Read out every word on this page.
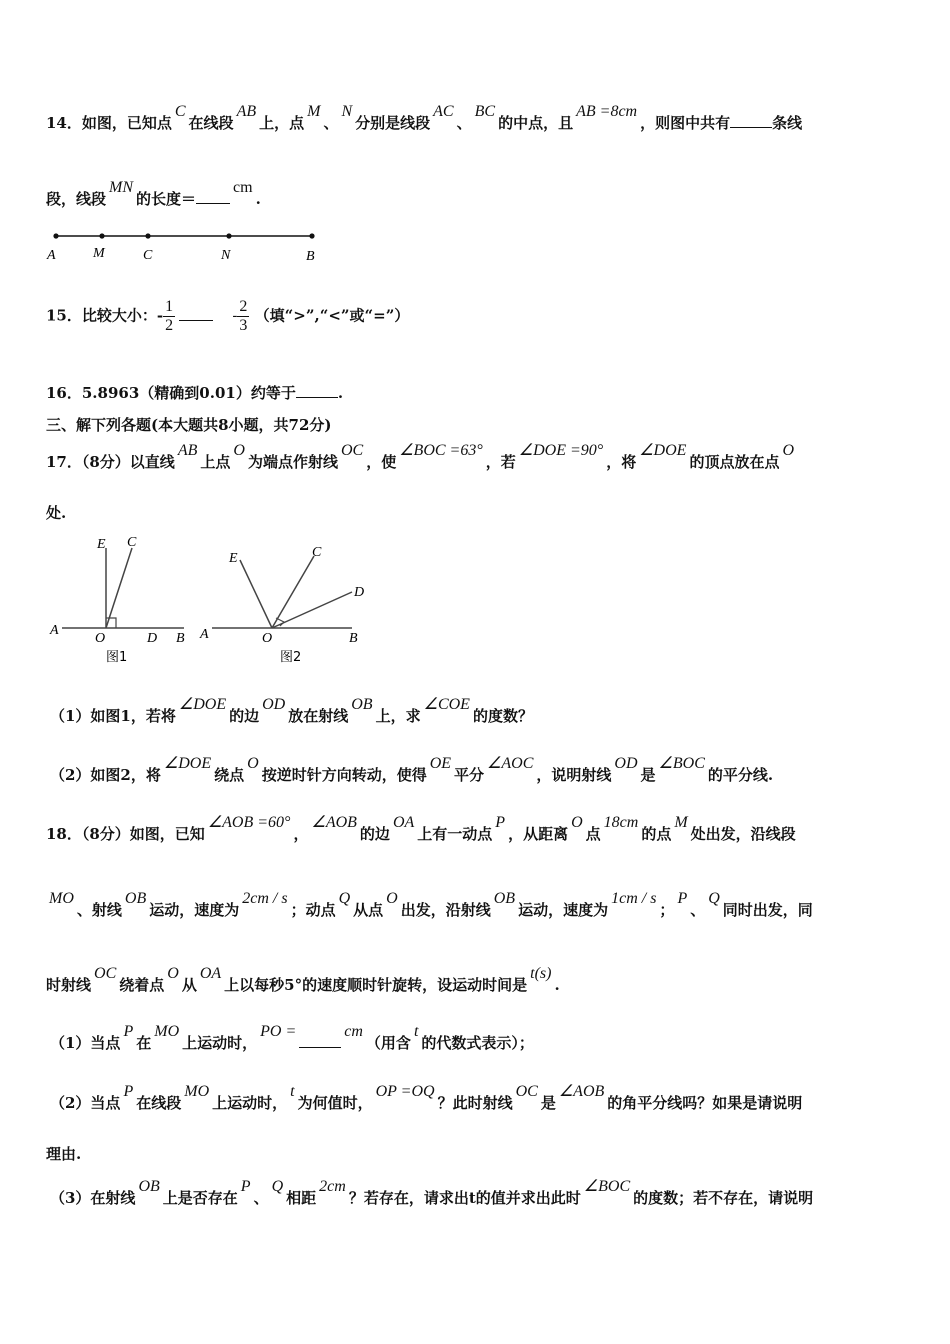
14．如图，已知点C在线段AB上，点M、N分别是线段AC、BC的中点，且AB =8cm，则图中共有	条线
段，线段MN的长度＝cm.
A	M	C	N	B
15．比较大小：- $\frac{1}{2}$	- $\frac{2}{3}$ （填“>”,“<”或“=”）
16．5.8963（精确到0.01）约等于	.
三、解下列各题(本大题共8小题，共72分)
17．（8分）以直线AB上点O为端点作射线OC，使∠BOC =63°，若∠DOE =90°，将∠DOE的顶点放在点O
处.
E C
A
O	D B
图1
E	C
D
A	O	B
图2
（1）如图1，若将∠DOE的边OD放在射线OB上，求∠COE的度数？
（2）如图2，将∠DOE绕点O按逆时针方向转动，使得OE平分∠AOC，说明射线OD是∠BOC的平分线.
18．（8分）如图，已知∠AOB =60°，∠AOB的边OA上有一动点P，从距离O点18cm的点M处出发，沿线段
MO、射线OB运动，速度为2cm / s；动点Q从点O出发，沿射线OB运动，速度为1cm / s；P、Q同时出发，同
时射线OC绕着点O从OA上以每秒5°的速度顺时针旋转，设运动时间是t(s).
（1）当点P在MO上运动时，PO =	cm（用含t的代数式表示）；
（2）当点P在线段MO上运动时，t为何值时，OP =OQ？此时射线OC是∠AOB的角平分线吗？如果是请说明
理由.
（3）在射线OB上是否存在P、Q相距2cm？若存在，请求出t的值并求出此时∠BOC的度数；若不存在，请说明
